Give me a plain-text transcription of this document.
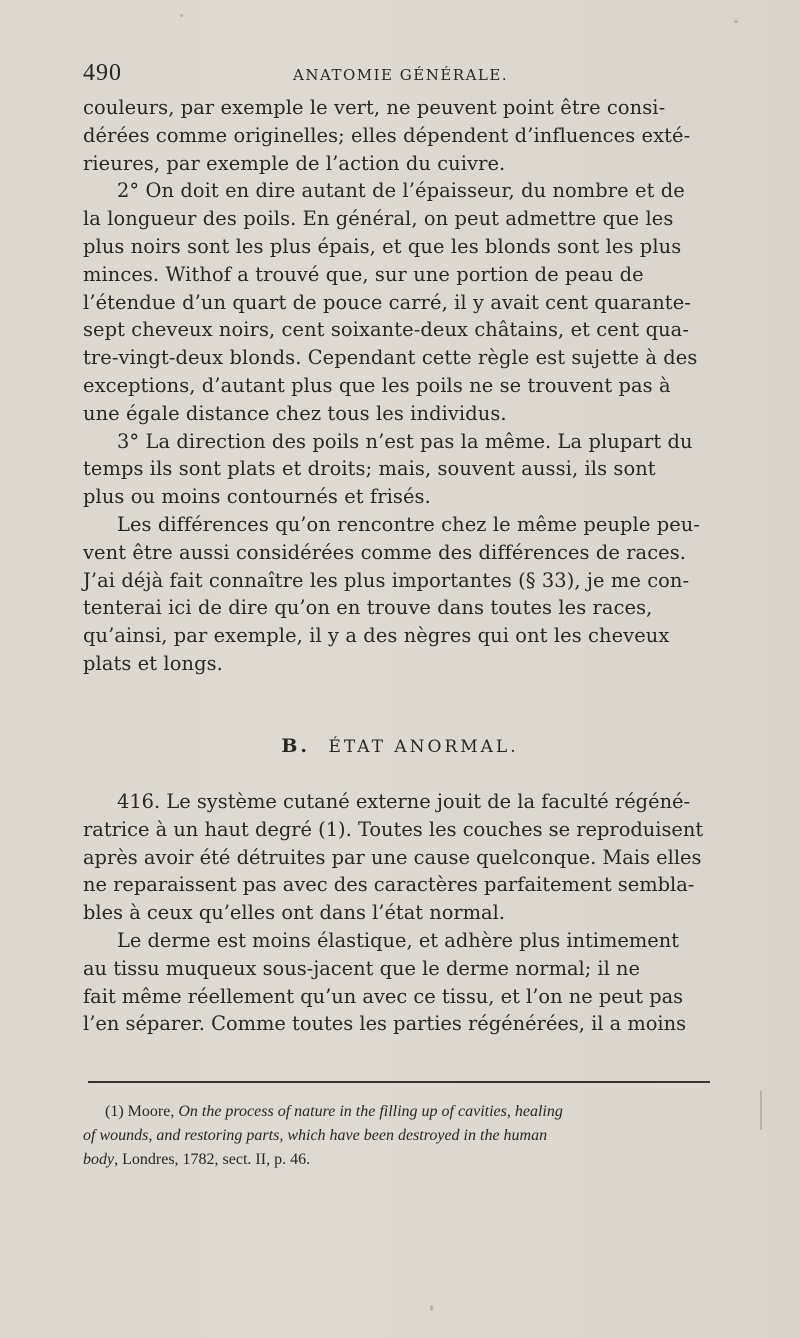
490	ANATOMIE GÉNÉRALE.
couleurs, par exemple le vert, ne peuvent point être consi-
dérées comme originelles; elles dépendent d’influences exté-
rieures, par exemple de l’action du cuivre.
2° On doit en dire autant de l’épaisseur, du nombre et de
la longueur des poils. En général, on peut admettre que les
plus noirs sont les plus épais, et que les blonds sont les plus
minces. Withof a trouvé que, sur une portion de peau de
l’étendue d’un quart de pouce carré, il y avait cent quarante-
sept cheveux noirs, cent soixante-deux châtains, et cent qua-
tre-vingt-deux blonds. Cependant cette règle est sujette à des
exceptions, d’autant plus que les poils ne se trouvent pas à
une égale distance chez tous les individus.
3° La direction des poils n’est pas la même. La plupart du
temps ils sont plats et droits; mais, souvent aussi, ils sont
plus ou moins contournés et frisés.
Les différences qu’on rencontre chez le même peuple peu-
vent être aussi considérées comme des différences de races.
J’ai déjà fait connaître les plus importantes (§ 33), je me con-
tenterai ici de dire qu’on en trouve dans toutes les races,
qu’ainsi, par exemple, il y a des nègres qui ont les cheveux
plats et longs.
B. ÉTAT ANORMAL.
416. Le système cutané externe jouit de la faculté régéné-
ratrice à un haut degré (1). Toutes les couches se reproduisent
après avoir été détruites par une cause quelconque. Mais elles
ne reparaissent pas avec des caractères parfaitement sembla-
bles à ceux qu’elles ont dans l’état normal.
Le derme est moins élastique, et adhère plus intimement
au tissu muqueux sous-jacent que le derme normal; il ne
fait même réellement qu’un avec ce tissu, et l’on ne peut pas
l’en séparer. Comme toutes les parties régénérées, il a moins
(1) Moore, On the process of nature in the filling up of cavities, healing
of wounds, and restoring parts, which have been destroyed in the human
body, Londres, 1782, sect. II, p. 46.
